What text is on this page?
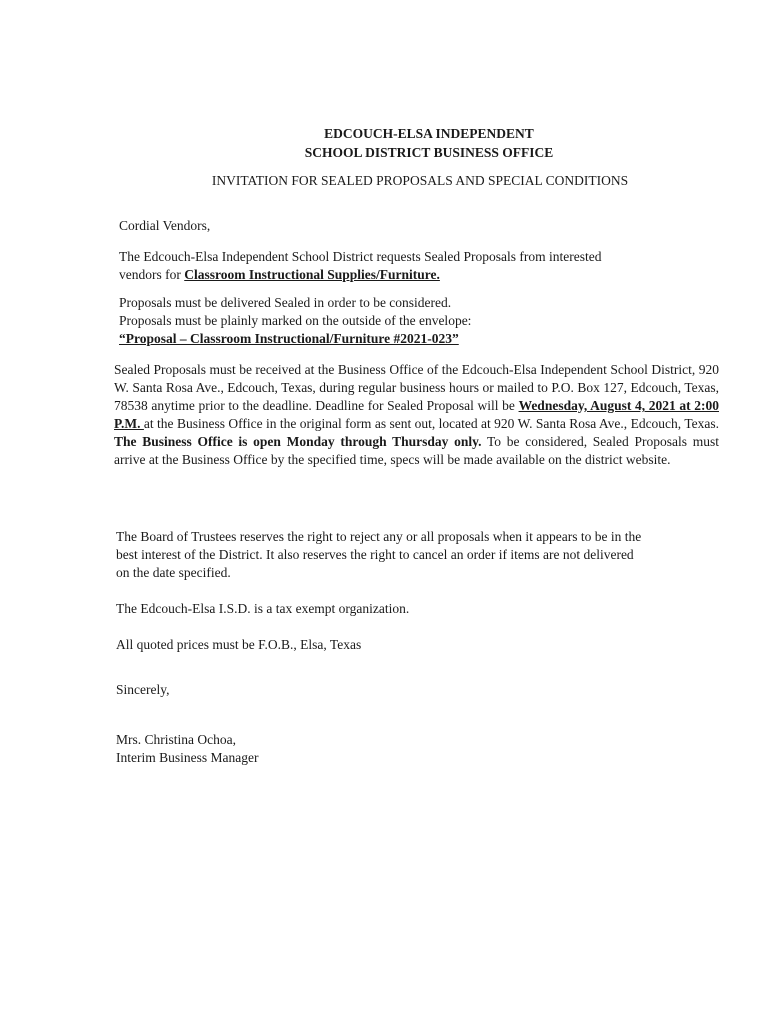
EDCOUCH-ELSA INDEPENDENT
SCHOOL DISTRICT BUSINESS OFFICE
INVITATION FOR SEALED PROPOSALS AND SPECIAL CONDITIONS
Cordial Vendors,
The Edcouch-Elsa Independent School District requests Sealed Proposals from interested
vendors for Classroom Instructional Supplies/Furniture.
Proposals must be delivered Sealed in order to be considered.
Proposals must be plainly marked on the outside of the envelope:
“Proposal – Classroom Instructional/Furniture #2021-023”
Sealed Proposals must be received at the Business Office of the Edcouch-Elsa Independent School District, 920 W. Santa Rosa Ave., Edcouch, Texas, during regular business hours or mailed to P.O. Box 127, Edcouch, Texas, 78538 anytime prior to the deadline. Deadline for Sealed Proposal will be Wednesday, August 4, 2021 at 2:00 P.M. at the Business Office in the original form as sent out, located at 920 W. Santa Rosa Ave., Edcouch, Texas. The Business Office is open Monday through Thursday only. To be considered, Sealed Proposals must arrive at the Business Office by the specified time, specs will be made available on the district website.
The Board of Trustees reserves the right to reject any or all proposals when it appears to be in the
best interest of the District. It also reserves the right to cancel an order if items are not delivered
on the date specified.
The Edcouch-Elsa I.S.D. is a tax exempt organization.
All quoted prices must be F.O.B., Elsa, Texas
Sincerely,
Mrs. Christina Ochoa,
Interim Business Manager
